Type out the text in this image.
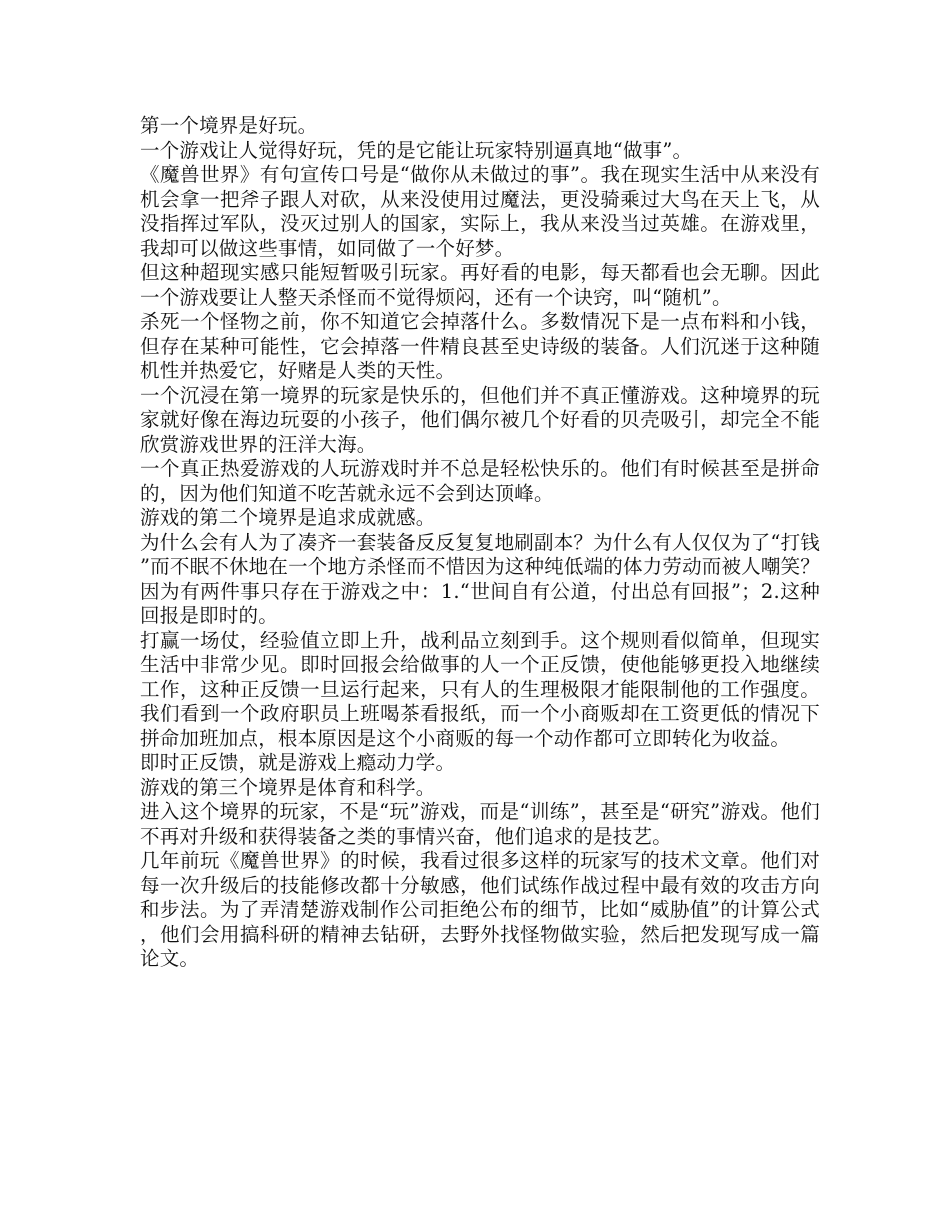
第一个境界是好玩。

一个游戏让人觉得好玩，凭的是它能让玩家特别逼真地“做事”。

《魔兽世界》有句宣传口号是“做你从未做过的事”。我在现实生活中从来没有机会拿一把斧子跟人对砍，从来没使用过魔法，更没骑乘过大鸟在天上飞，从没指挥过军队，没灭过别人的国家，实际上，我从来没当过英雄。在游戏里，我却可以做这些事情，如同做了一个好梦。

但这种超现实感只能短暂吸引玩家。再好看的电影，每天都看也会无聊。因此一个游戏要让人整天杀怪而不觉得烦闷，还有一个诀窍，叫“随机”。

杀死一个怪物之前，你不知道它会掉落什么。多数情况下是一点布料和小钱，但存在某种可能性，它会掉落一件精良甚至史诗级的装备。人们沉迷于这种随机性并热爱它，好赌是人类的天性。

一个沉浸在第一境界的玩家是快乐的，但他们并不真正懂游戏。这种境界的玩家就好像在海边玩耍的小孩子，他们偶尔被几个好看的贝壳吸引，却完全不能欣赏游戏世界的汪洋大海。

一个真正热爱游戏的人玩游戏时并不总是轻松快乐的。他们有时候甚至是拼命的，因为他们知道不吃苦就永远不会到达顶峰。

游戏的第二个境界是追求成就感。

为什么会有人为了凑齐一套装备反反复复地刷副本？为什么有人仅仅为了“打钱”而不眠不休地在一个地方杀怪而不惜因为这种纯低端的体力劳动而被人嘲笑？

因为有两件事只存在于游戏之中：1.“世间自有公道，付出总有回报”；2.这种回报是即时的。

打赢一场仗，经验值立即上升，战利品立刻到手。这个规则看似简单，但现实生活中非常少见。即时回报会给做事的人一个正反馈，使他能够更投入地继续工作，这种正反馈一旦运行起来，只有人的生理极限才能限制他的工作强度。我们看到一个政府职员上班喝茶看报纸，而一个小商贩却在工资更低的情况下拼命加班加点，根本原因是这个小商贩的每一个动作都可立即转化为收益。

即时正反馈，就是游戏上瘾动力学。

游戏的第三个境界是体育和科学。

进入这个境界的玩家，不是“玩”游戏，而是“训练”，甚至是“研究”游戏。他们不再对升级和获得装备之类的事情兴奋，他们追求的是技艺。

几年前玩《魔兽世界》的时候，我看过很多这样的玩家写的技术文章。他们对每一次升级后的技能修改都十分敏感，他们试练作战过程中最有效的攻击方向和步法。为了弄清楚游戏制作公司拒绝公布的细节，比如“威胁值”的计算公式，他们会用搞科研的精神去钻研，去野外找怪物做实验，然后把发现写成一篇论文。
